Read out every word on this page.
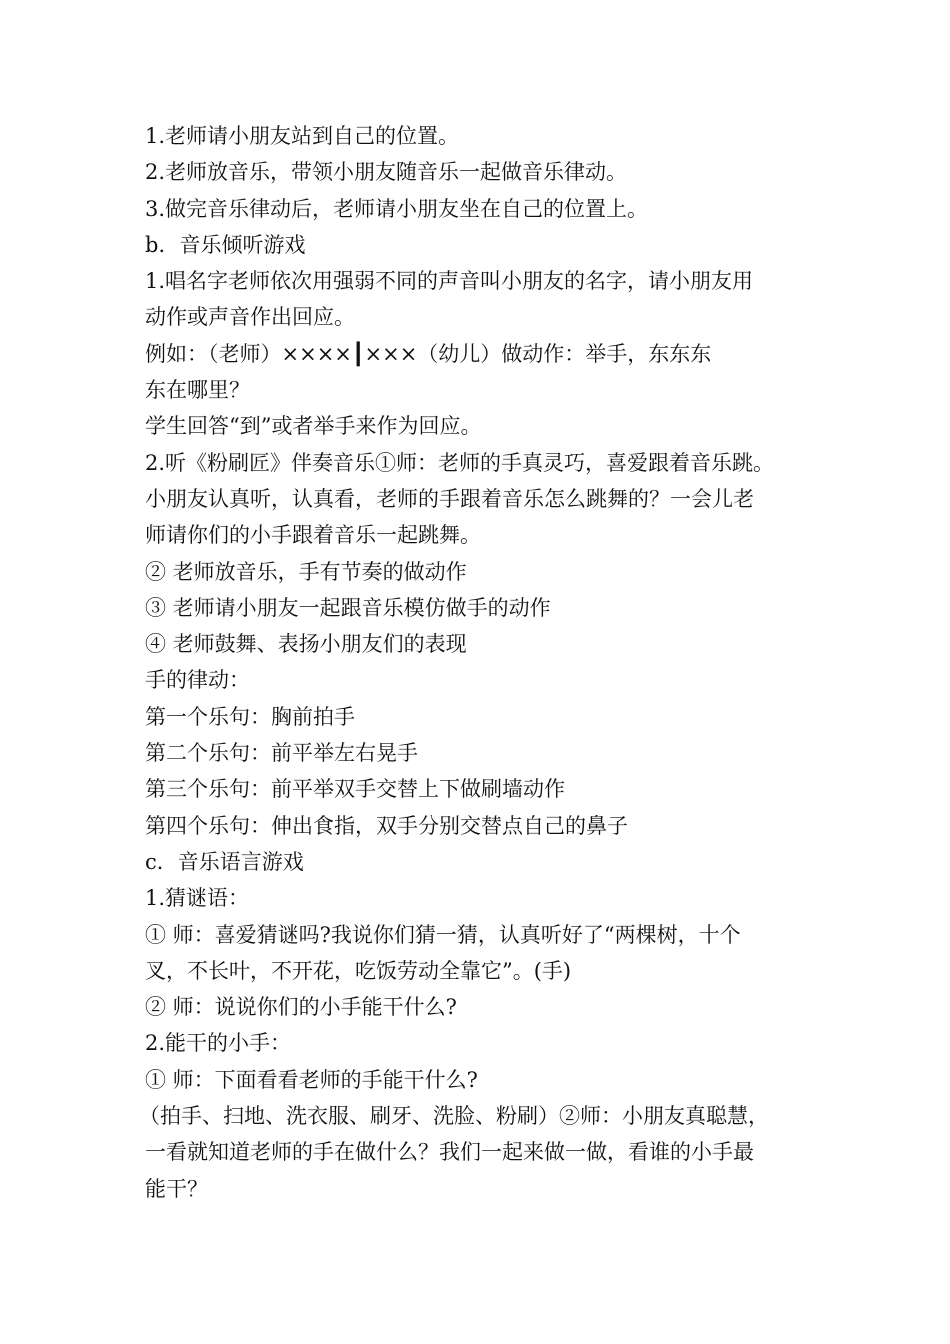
1.老师请小朋友站到自己的位置。
2.老师放音乐，带领小朋友随音乐一起做音乐律动。
3.做完音乐律动后，老师请小朋友坐在自己的位置上。
b．音乐倾听游戏
1.唱名字老师依次用强弱不同的声音叫小朋友的名字，请小朋友用
动作或声音作出回应。
例如：（老师）××××┃×××（幼儿）做动作：举手，东东东
东在哪里？
学生回答“到”或者举手来作为回应。
2.听《粉刷匠》伴奏音乐①师：老师的手真灵巧，喜爱跟着音乐跳。
小朋友认真听，认真看，老师的手跟着音乐怎么跳舞的？一会儿老
师请你们的小手跟着音乐一起跳舞。
② 老师放音乐，手有节奏的做动作
③ 老师请小朋友一起跟音乐模仿做手的动作
④ 老师鼓舞、表扬小朋友们的表现
手的律动：
第一个乐句：胸前拍手
第二个乐句：前平举左右晃手
第三个乐句：前平举双手交替上下做刷墙动作
第四个乐句：伸出食指，双手分别交替点自己的鼻子
c．音乐语言游戏
1.猜谜语：
① 师：喜爱猜谜吗?我说你们猜一猜，认真听好了“两棵树，十个
叉，不长叶，不开花，吃饭劳动全靠它”。(手)
② 师：说说你们的小手能干什么?
2.能干的小手：
① 师：下面看看老师的手能干什么?
（拍手、扫地、洗衣服、刷牙、洗脸、粉刷）②师：小朋友真聪慧，
一看就知道老师的手在做什么？我们一起来做一做，看谁的小手最
能干？
